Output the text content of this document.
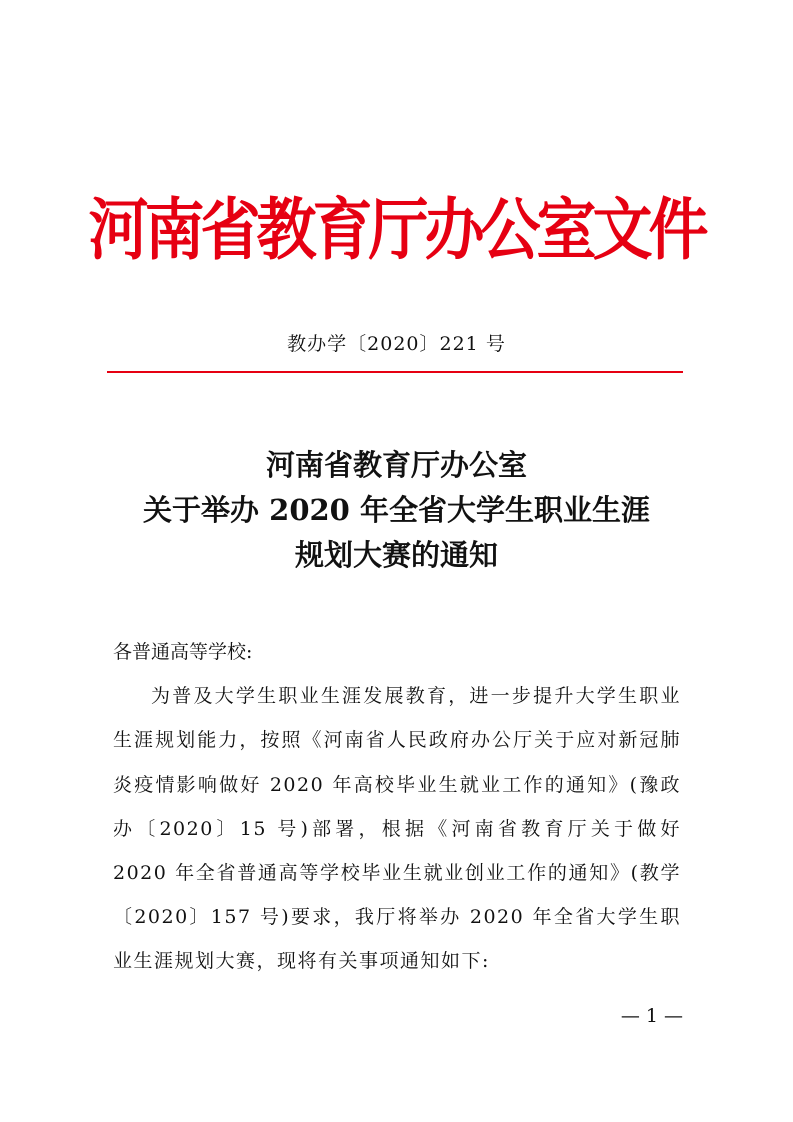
河南省教育厅办公室文件
教办学〔2020〕221 号
河南省教育厅办公室
关于举办 2020 年全省大学生职业生涯
规划大赛的通知
各普通高等学校:
为普及大学生职业生涯发展教育，进一步提升大学生职业生涯规划能力，按照《河南省人民政府办公厅关于应对新冠肺炎疫情影响做好 2020 年高校毕业生就业工作的通知》(豫政办〔2020〕15 号)部署，根据《河南省教育厅关于做好 2020 年全省普通高等学校毕业生就业创业工作的通知》(教学〔2020〕157 号)要求，我厅将举办 2020 年全省大学生职业生涯规划大赛，现将有关事项通知如下:
— 1 —
